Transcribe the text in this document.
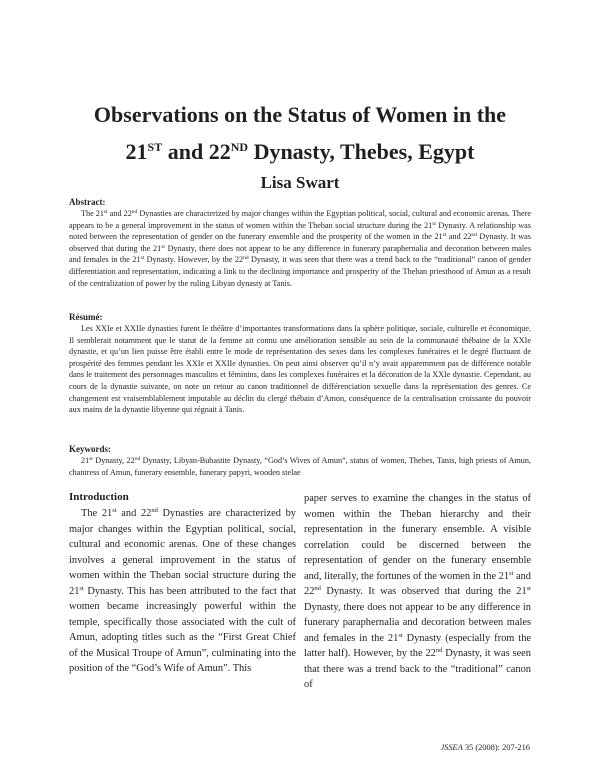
Observations on the Status of Women in the
21ST and 22ND Dynasty, Thebes, Egypt
Lisa Swart
Abstract:
The 21st and 22nd Dynasties are characterized by major changes within the Egyptian political, social, cultural and economic arenas. There appears to be a general improvement in the status of women within the Theban social structure during the 21st Dynasty. A relationship was noted between the representation of gender on the funerary ensemble and the prosperity of the women in the 21st and 22nd Dynasty. It was observed that during the 21st Dynasty, there does not appear to be any difference in funerary paraphernalia and decoration between males and females in the 21st Dynasty. However, by the 22nd Dynasty, it was seen that there was a trend back to the “traditional” canon of gender differentiation and representation, indicating a link to the declining importance and prosperity of the Theban priesthood of Amun as a result of the centralization of power by the ruling Libyan dynasty at Tanis.
Résumé:
Les XXIe et XXIIe dynasties furent le théâtre d’importantes transformations dans la sphère politique, sociale, culturelle et économique. Il semblerait notamment que le statut de la femme ait connu une amélioration sensible au sein de la communauté thébaine de la XXIe dynastie, et qu’un lien puisse être établi entre le mode de représentation des sexes dans les complexes funéraires et le degré fluctuant de prospérité des femmes pendant les XXIe et XXIIe dynasties. On peut ainsi observer qu’il n’y avait apparemment pas de différence notable dans le traitement des personnages masculins et féminins, dans les complexes funéraires et la décoration de la XXIe dynastie. Cependant, au cours de la dynastie suivante, on note un retour au canon traditionnel de différenciation sexuelle dans la représentation des genres. Ce changement est vraisemblablement imputable au déclin du clergé thébain d’Amon, conséquence de la centralisation croissante du pouvoir aux mains de la dynastie libyenne qui régnait à Tanis.
Keywords:
21st Dynasty, 22nd Dynasty, Libyan-Bubastite Dynasty, “God’s Wives of Amun”, status of women, Thebes, Tanis, high priests of Amun, chantress of Amun, funerary ensemble, funerary papyri, wooden stelae
Introduction
The 21st and 22nd Dynasties are characterized by major changes within the Egyptian political, social, cultural and economic arenas. One of these changes involves a general improvement in the status of women within the Theban social structure during the 21st Dynasty. This has been attributed to the fact that women became increasingly powerful within the temple, specifically those associated with the cult of Amun, adopting titles such as the “First Great Chief of the Musical Troupe of Amun”, culminating into the position of the “God’s Wife of Amun”. This
paper serves to examine the changes in the status of women within the Theban hierarchy and their representation in the funerary ensemble. A visible correlation could be discerned between the representation of gender on the funerary ensemble and, literally, the fortunes of the women in the 21st and 22nd Dynasty. It was observed that during the 21st Dynasty, there does not appear to be any difference in funerary paraphernalia and decoration between males and females in the 21st Dynasty (especially from the latter half). However, by the 22nd Dynasty, it was seen that there was a trend back to the “traditional” canon of
JSSEA 35 (2008): 207-216
